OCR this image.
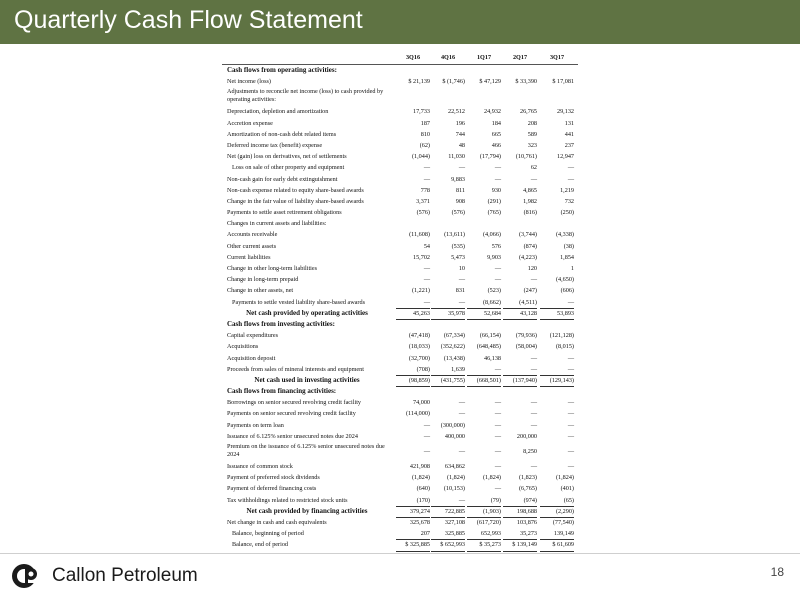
Quarterly Cash Flow Statement
3Q16	4Q16	1Q17	2Q17	3Q17
Cash flows from operating activities:
Net income (loss)	$ 21,139	$ (1,746)	$ 47,129	$ 33,390	$ 17,081
Adjustments to reconcile net income (loss) to cash provided by operating activities:
Depreciation, depletion and amortization	17,733	22,512	24,932	26,765	29,132
Accretion expense	187	196	184	208	131
Amortization of non-cash debt related items	810	744	665	589	441
Deferred income tax (benefit) expense	(62)	48	466	323	237
Net (gain) loss on derivatives, net of settlements	(1,044)	11,030	(17,794)	(10,761)	12,947
Loss on sale of other property and equipment	—	—	—	62	—
Non-cash gain for early debt extinguishment	—	9,883	—	—	—
Non-cash expense related to equity share-based awards	778	811	930	4,865	1,219
Change in the fair value of liability share-based awards	3,371	908	(291)	1,982	732
Payments to settle asset retirement obligations	(576)	(576)	(765)	(816)	(250)
Changes in current assets and liabilities:
Accounts receivable	(11,608)	(13,611)	(4,066)	(3,744)	(4,338)
Other current assets	54	(535)	576	(874)	(38)
Current liabilities	15,702	5,473	9,903	(4,223)	1,854
Change in other long-term liabilities	—	10	—	120	1
Change in long-term prepaid	—	—	—	—	(4,650)
Change in other assets, net	(1,221)	831	(523)	(247)	(606)
Payments to settle vested liability share-based awards	—	—	(8,662)	(4,511)	—
Net cash provided by operating activities	45,263	35,978	52,684	43,128	53,893
Cash flows from investing activities:
Capital expenditures	(47,418)	(67,334)	(66,154)	(79,936)	(121,128)
Acquisitions	(18,033)	(352,622)	(648,485)	(58,004)	(8,015)
Acquisition deposit	(32,700)	(13,438)	46,138	—	—
Proceeds from sales of mineral interests and equipment	(708)	1,639	—	—	—
Net cash used in investing activities	(98,859)	(431,755)	(668,501)	(137,940)	(129,143)
Cash flows from financing activities:
Borrowings on senior secured revolving credit facility	74,000	—	—	—	—
Payments on senior secured revolving credit facility	(114,000)	—	—	—	—
Payments on term loan	—	(300,000)	—	—	—
Issuance of 6.125% senior unsecured notes due 2024	—	400,000	—	200,000	—
Premium on the issuance of 6.125% senior unsecured notes due 2024	—	—	—	8,250	—
Issuance of common stock	421,908	634,862	—	—	—
Payment of preferred stock dividends	(1,824)	(1,824)	(1,824)	(1,823)	(1,824)
Payment of deferred financing costs	(640)	(10,153)	—	(6,765)	(401)
Tax withholdings related to restricted stock units	(170)	—	(79)	(974)	(65)
Net cash provided by financing activities	379,274	722,885	(1,903)	198,688	(2,290)
Net change in cash and cash equivalents	325,678	327,108	(617,720)	103,876	(77,540)
Balance, beginning of period	207	325,885	652,993	35,273	139,149
Balance, end of period	$ 325,885	$ 652,993	$ 35,273	$ 139,149	$ 61,609
Callon Petroleum	18
